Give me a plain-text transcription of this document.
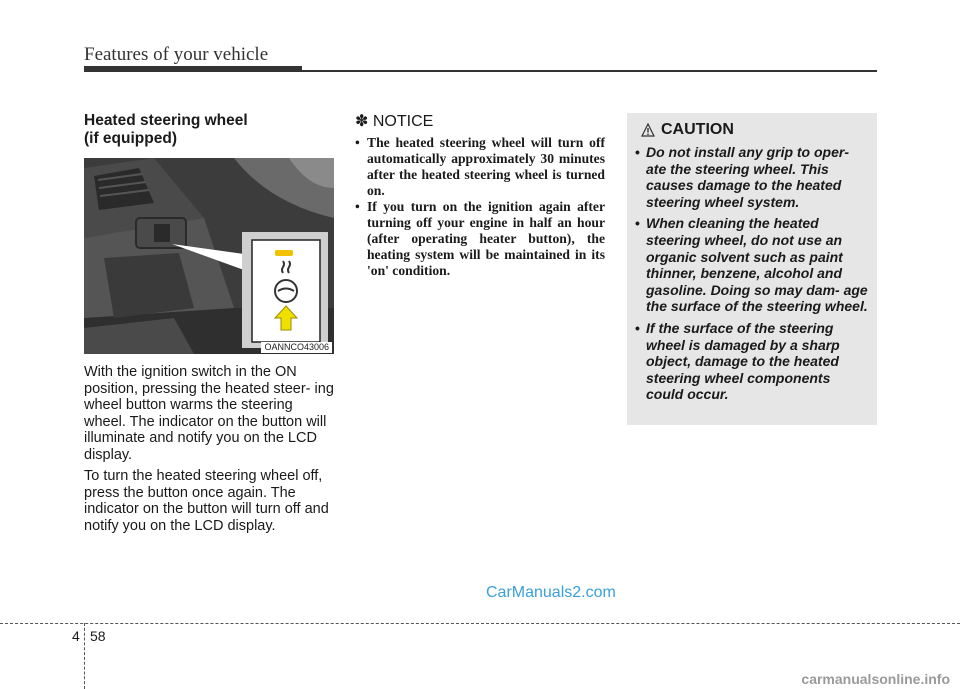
Features of your vehicle
Heated steering wheel
(if equipped)
OANNCO43006

With the ignition switch in the ON position, pressing the heated steer- ing wheel button warms the steering wheel. The indicator on the button will illuminate and notify you on the LCD display.

To turn the heated steering wheel off, press the button once again. The indicator on the button will turn off and notify you on the LCD display.

✽ NOTICE
• The heated steering wheel will turn off automatically approximately 30 minutes after the heated steering wheel is turned on.
• If you turn on the ignition again after turning off your engine in half an hour (after operating heater button), the heating system will be maintained in its 'on' condition.
CAUTION
• Do not install any grip to oper- ate the steering wheel. This causes damage to the heated steering wheel system.
• When cleaning the heated steering wheel, do not use an organic solvent such as paint thinner, benzene, alcohol and gasoline. Doing so may dam- age the surface of the steering wheel.
• If the surface of the steering wheel is damaged by a sharp object, damage to the heated steering wheel components could occur.
CarManuals2.com
4 58
carmanualsonline.info
